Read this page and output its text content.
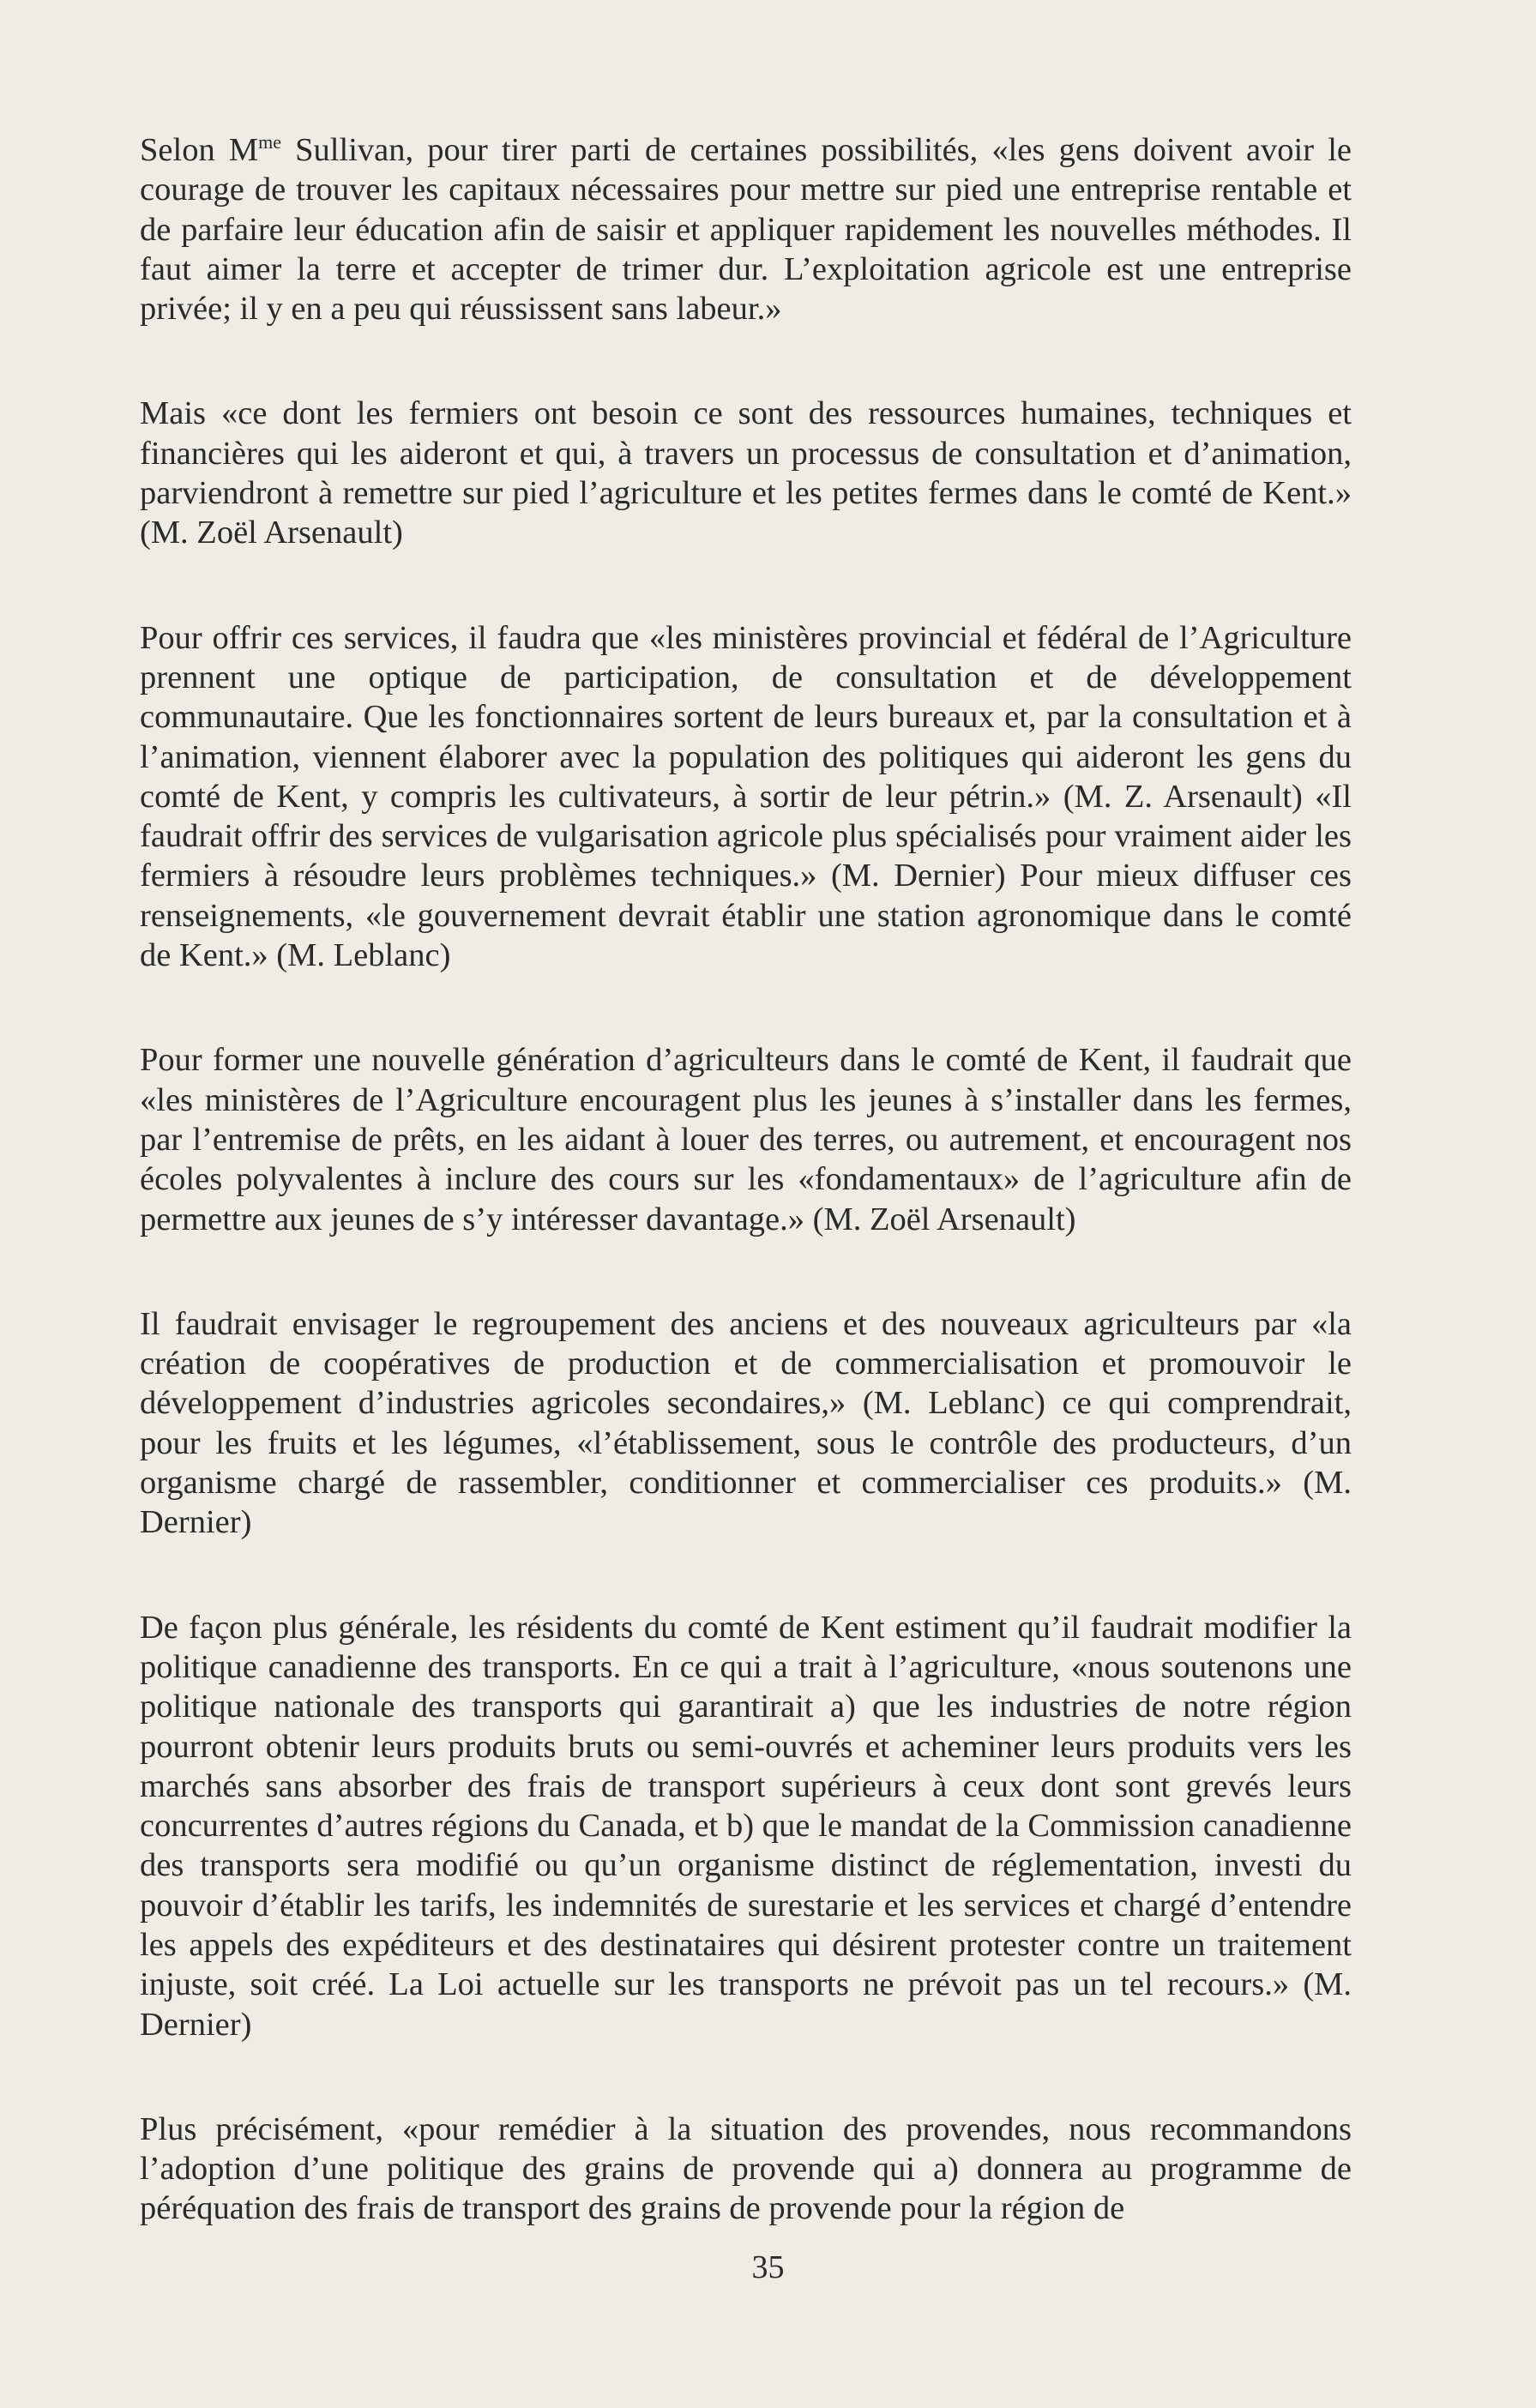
Selon $M^{me}$ Sullivan, pour tirer parti de certaines possibilités, «les gens doivent avoir le courage de trouver les capitaux nécessaires pour mettre sur pied une entreprise rentable et de parfaire leur éducation afin de saisir et appliquer rapidement les nouvelles méthodes. Il faut aimer la terre et accepter de trimer dur. L’exploitation agricole est une entreprise privée; il y en a peu qui réussissent sans labeur.»

Mais «ce dont les fermiers ont besoin ce sont des ressources humaines, techniques et financières qui les aideront et qui, à travers un processus de consultation et d’animation, parviendront à remettre sur pied l’agriculture et les petites fermes dans le comté de Kent.» (M. Zoël Arsenault)

Pour offrir ces services, il faudra que «les ministères provincial et fédéral de l’Agriculture prennent une optique de participation, de consultation et de développement communautaire. Que les fonctionnaires sortent de leurs bureaux et, par la consultation et à l’animation, viennent élaborer avec la population des politiques qui aideront les gens du comté de Kent, y compris les cultivateurs, à sortir de leur pétrin.» (M. Z. Arsenault) «Il faudrait offrir des services de vulgarisation agricole plus spécialisés pour vraiment aider les fermiers à résoudre leurs problèmes techniques.» (M. Dernier) Pour mieux diffuser ces renseignements, «le gouvernement devrait établir une station agronomique dans le comté de Kent.» (M. Leblanc)

Pour former une nouvelle génération d’agriculteurs dans le comté de Kent, il faudrait que «les ministères de l’Agriculture encouragent plus les jeunes à s’installer dans les fermes, par l’entremise de prêts, en les aidant à louer des terres, ou autrement, et encouragent nos écoles polyvalentes à inclure des cours sur les «fondamentaux» de l’agriculture afin de permettre aux jeunes de s’y intéresser davantage.» (M. Zoël Arsenault)

Il faudrait envisager le regroupement des anciens et des nouveaux agriculteurs par «la création de coopératives de production et de commercialisation et promouvoir le développement d’industries agricoles secondaires,» (M. Leblanc) ce qui comprendrait, pour les fruits et les légumes, «l’établissement, sous le contrôle des producteurs, d’un organisme chargé de rassembler, conditionner et commercialiser ces produits.» (M. Dernier)

De façon plus générale, les résidents du comté de Kent estiment qu’il faudrait modifier la politique canadienne des transports. En ce qui a trait à l’agriculture, «nous soutenons une politique nationale des transports qui garantirait a) que les industries de notre région pourront obtenir leurs produits bruts ou semi-ouvrés et acheminer leurs produits vers les marchés sans absorber des frais de transport supérieurs à ceux dont sont grevés leurs concurrentes d’autres régions du Canada, et b) que le mandat de la Commission canadienne des transports sera modifié ou qu’un organisme distinct de réglementation, investi du pouvoir d’établir les tarifs, les indemnités de surestarie et les services et chargé d’entendre les appels des expéditeurs et des destinataires qui désirent protester contre un traitement injuste, soit créé. La Loi actuelle sur les transports ne prévoit pas un tel recours.» (M. Dernier)

Plus précisément, «pour remédier à la situation des provendes, nous recommandons l’adoption d’une politique des grains de provende qui a) donnera au programme de péréquation des frais de transport des grains de provende pour la région de

35
